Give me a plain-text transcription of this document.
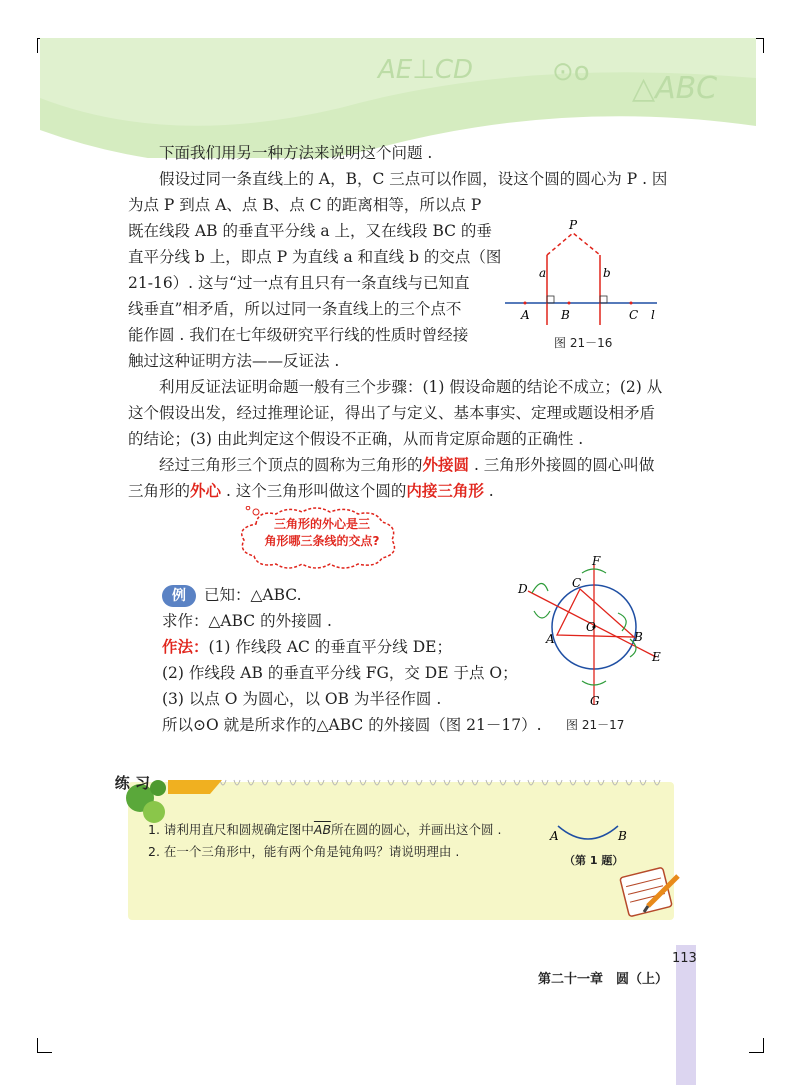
AE⊥CD	⊙o △ABC
下面我们用另一种方法来说明这个问题 .
假设过同一条直线上的 A，B，C 三点可以作圆，设这个圆的圆心为 P . 因
为点 P 到点 A、点 B、点 C 的距离相等，所以点 P
既在线段 AB 的垂直平分线 a 上，又在线段 BC 的垂
直平分线 b 上，即点 P 为直线 a 和直线 b 的交点（图
21-16）. 这与“过一点有且只有一条直线与已知直
线垂直”相矛盾，所以过同一条直线上的三个点不
能作圆 . 我们在七年级研究平行线的性质时曾经接
触过这种证明方法——反证法 .
P
a	b
A	B	C l
图 21－16
利用反证法证明命题一般有三个步骤：(1) 假设命题的结论不成立；(2) 从
这个假设出发，经过推理论证，得出了与定义、基本事实、定理或题设相矛盾
的结论；(3) 由此判定这个假设不正确，从而肯定原命题的正确性 .
经过三角形三个顶点的圆称为三角形的外接圆 . 三角形外接圆的圆心叫做
三角形的外心 . 这个三角形叫做这个圆的内接三角形 .
三角形的外心是三
角形哪三条线的交点?
例 已知：△ABC.
求作：△ABC 的外接圆 .
作法：(1) 作线段 AC 的垂直平分线 DE；
(2) 作线段 AB 的垂直平分线 FG，交 DE 于点 O；
(3) 以点 O 为圆心，以 OB 为半径作圆 .
所以⊙O 就是所求作的△ABC 的外接圆（图 21－17）.
D
F
C
O
A	B
E
G
图 21－17
练 习
1. 请利用直尺和圆规确定图中$\overline{AB}$所在圆的圆心，并画出这个圆 .
2. 在一个三角形中，能有两个角是钝角吗？请说明理由 .
A	B
（第 1 题）
113
第二十一章　圆（上）
